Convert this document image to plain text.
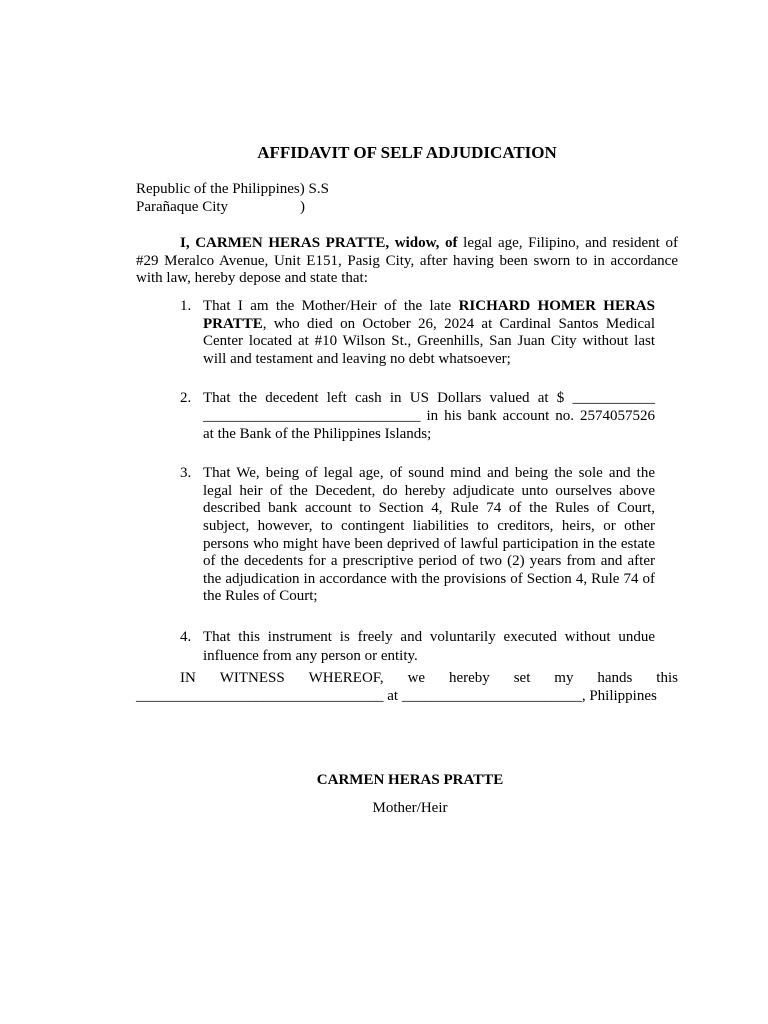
AFFIDAVIT OF SELF ADJUDICATION
Republic of the Philippines) S.S
Parañaque City	)

I, CARMEN HERAS PRATTE, widow, of legal age, Filipino, and resident of #29 Meralco Avenue, Unit E151, Pasig City, after having been sworn to in accordance with law, hereby depose and state that:

1. That I am the Mother/Heir of the late RICHARD HOMER HERAS PRATTE, who died on October 26, 2024 at Cardinal Santos Medical Center located at #10 Wilson St., Greenhills, San Juan City without last will and testament and leaving no debt whatsoever;
2. That the decedent left cash in US Dollars valued at $ ___________ _____________________________ in his bank account no. 2574057526 at the Bank of the Philippines Islands;
3. That We, being of legal age, of sound mind and being the sole and the legal heir of the Decedent, do hereby adjudicate unto ourselves above described bank account to Section 4, Rule 74 of the Rules of Court, subject, however, to contingent liabilities to creditors, heirs, or other persons who might have been deprived of lawful participation in the estate of the decedents for a prescriptive period of two (2) years from and after the adjudication in accordance with the provisions of Section 4, Rule 74 of the Rules of Court;
4. That this instrument is freely and voluntarily executed without undue influence from any person or entity.
IN WITNESS WHEREOF, we hereby set my hands this
_________________________________ at ________________________, Philippines
CARMEN HERAS PRATTE
Mother/Heir
